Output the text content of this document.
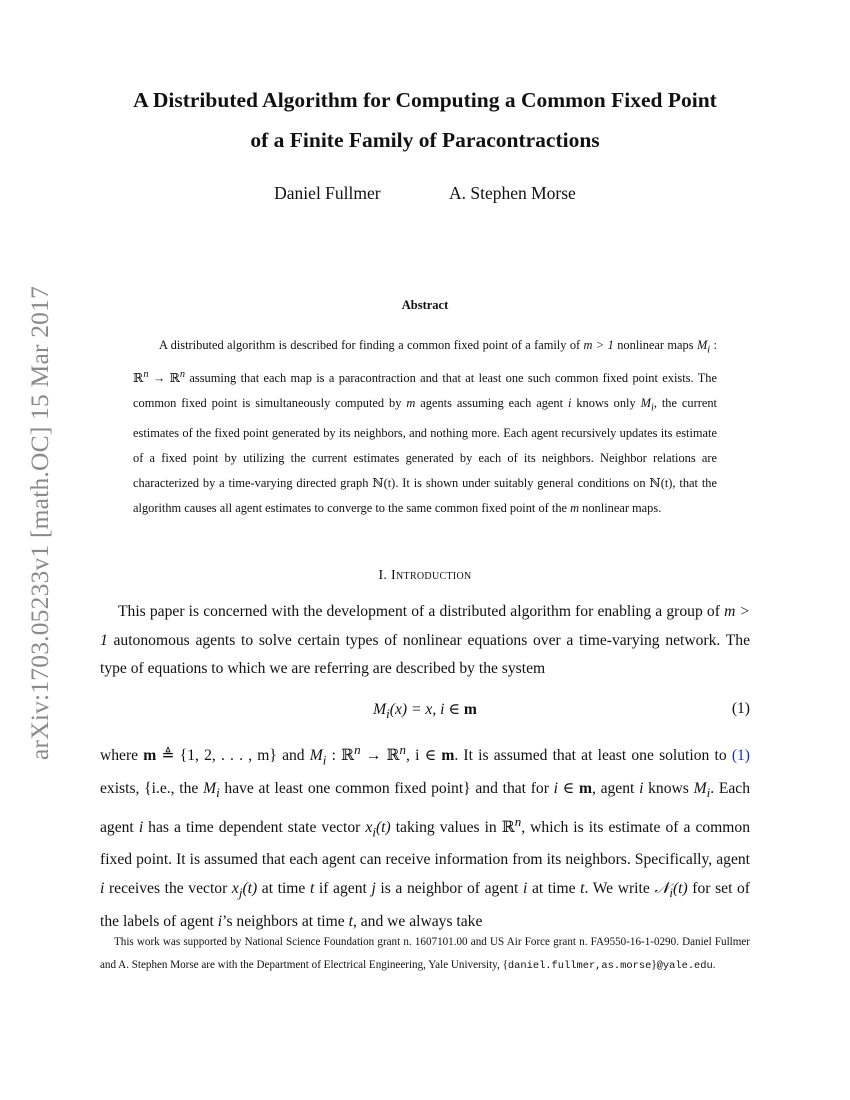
arXiv:1703.05233v1 [math.OC] 15 Mar 2017
A Distributed Algorithm for Computing a Common Fixed Point
of a Finite Family of Paracontractions
Daniel Fullmer	A. Stephen Morse
Abstract

A distributed algorithm is described for finding a common fixed point of a family of m > 1 nonlinear maps $M_i$ : ℝ$^n$ → ℝ$^n$ assuming that each map is a paracontraction and that at least one such common fixed point exists. The common fixed point is simultaneously computed by m agents assuming each agent i knows only $M_i$, the current estimates of the fixed point generated by its neighbors, and nothing more. Each agent recursively updates its estimate of a fixed point by utilizing the current estimates generated by each of its neighbors. Neighbor relations are characterized by a time-varying directed graph ℕ(t). It is shown under suitably general conditions on ℕ(t), that the algorithm causes all agent estimates to converge to the same common fixed point of the m nonlinear maps.

I. Introduction

This paper is concerned with the development of a distributed algorithm for enabling a group of m > 1 autonomous agents to solve certain types of nonlinear equations over a time-varying network. The type of equations to which we are referring are described by the system

$M_i(x) = x$, i ∈ m	(1)

where m ≜ {1, 2, . . . , m} and $M_i$ : ℝ$^n$ → ℝ$^n$, i ∈ m. It is assumed that at least one solution to (1) exists, {i.e., the $M_i$ have at least one common fixed point} and that for i ∈ m, agent i knows $M_i$. Each agent i has a time dependent state vector $x_i(t)$ taking values in ℝ$^n$, which is its estimate of a common fixed point. It is assumed that each agent can receive information from its neighbors. Specifically, agent i receives the vector $x_j(t)$ at time t if agent j is a neighbor of agent i at time t. We write 𝒩$_i$(t) for set of the labels of agent i’s neighbors at time t, and we always take

This work was supported by National Science Foundation grant n. 1607101.00 and US Air Force grant n. FA9550-16-1-0290. Daniel Fullmer and A. Stephen Morse are with the Department of Electrical Engineering, Yale University, {daniel.fullmer,as.morse}@yale.edu.
